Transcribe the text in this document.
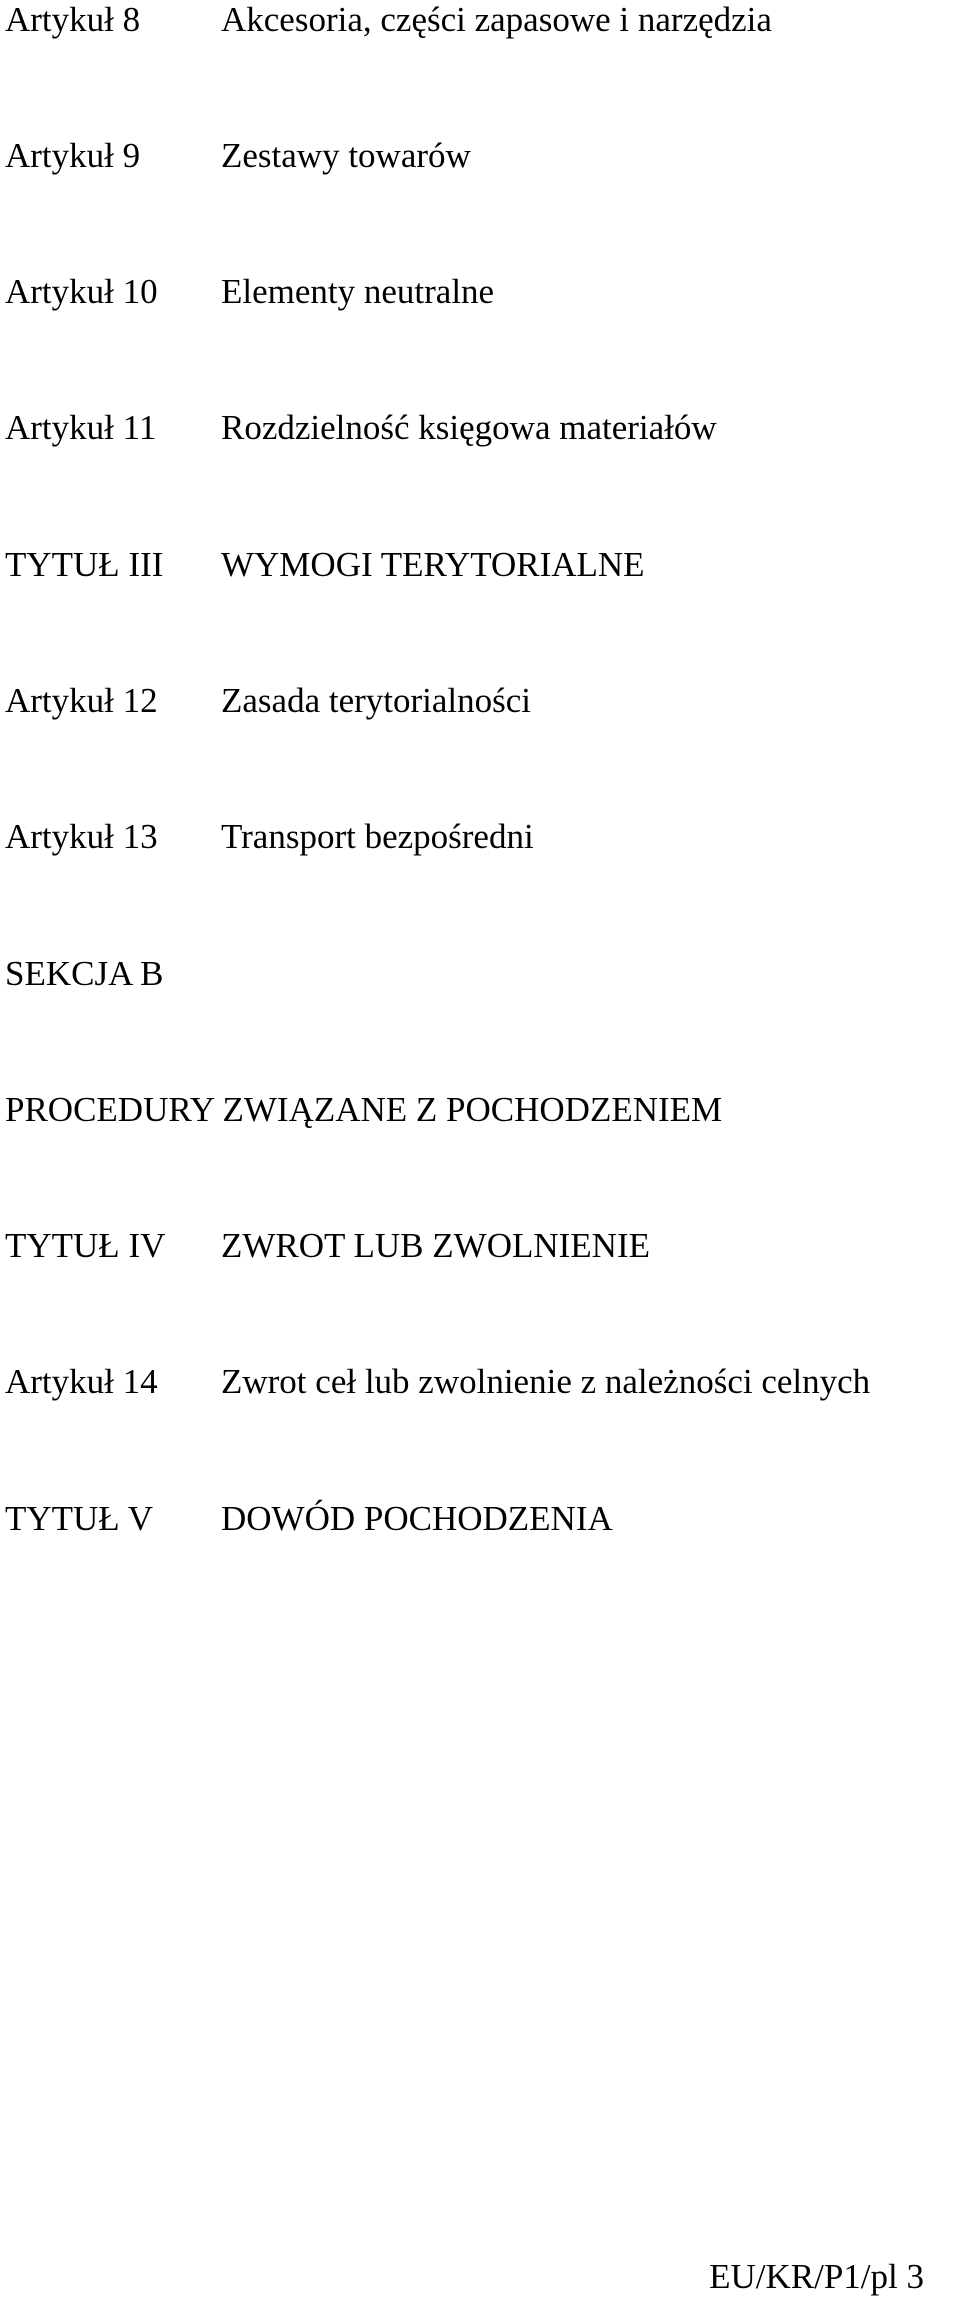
Artykuł 8 Akcesoria, części zapasowe i narzędzia
Artykuł 9 Zestawy towarów
Artykuł 10 Elementy neutralne
Artykuł 11 Rozdzielność księgowa materiałów
TYTUŁ III WYMOGI TERYTORIALNE
Artykuł 12 Zasada terytorialności
Artykuł 13 Transport bezpośredni
SEKCJA B
PROCEDURY ZWIĄZANE Z POCHODZENIEM
TYTUŁ IV ZWROT LUB ZWOLNIENIE
Artykuł 14 Zwrot ceł lub zwolnienie z należności celnych
TYTUŁ V DOWÓD POCHODZENIA
EU/KR/P1/pl 3
